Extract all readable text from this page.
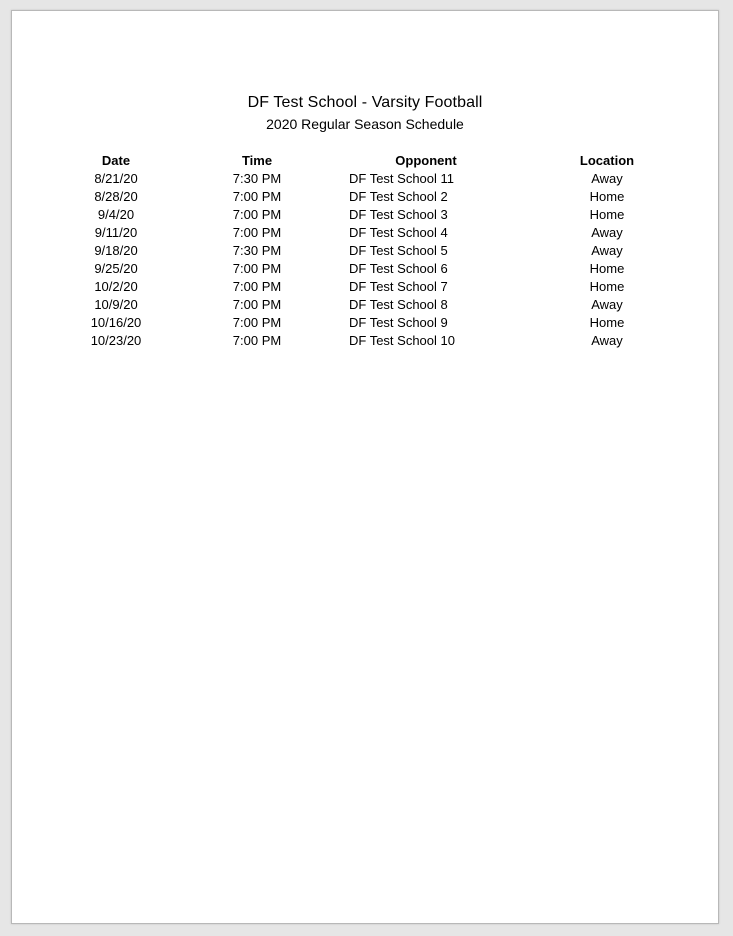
DF Test School - Varsity Football
2020 Regular Season Schedule
Date	Time	Opponent	Location
8/21/20	7:30 PM	DF Test School 11	Away
8/28/20	7:00 PM	DF Test School 2	Home
9/4/20	7:00 PM	DF Test School 3	Home
9/11/20	7:00 PM	DF Test School 4	Away
9/18/20	7:30 PM	DF Test School 5	Away
9/25/20	7:00 PM	DF Test School 6	Home
10/2/20	7:00 PM	DF Test School 7	Home
10/9/20	7:00 PM	DF Test School 8	Away
10/16/20	7:00 PM	DF Test School 9	Home
10/23/20	7:00 PM	DF Test School 10	Away
